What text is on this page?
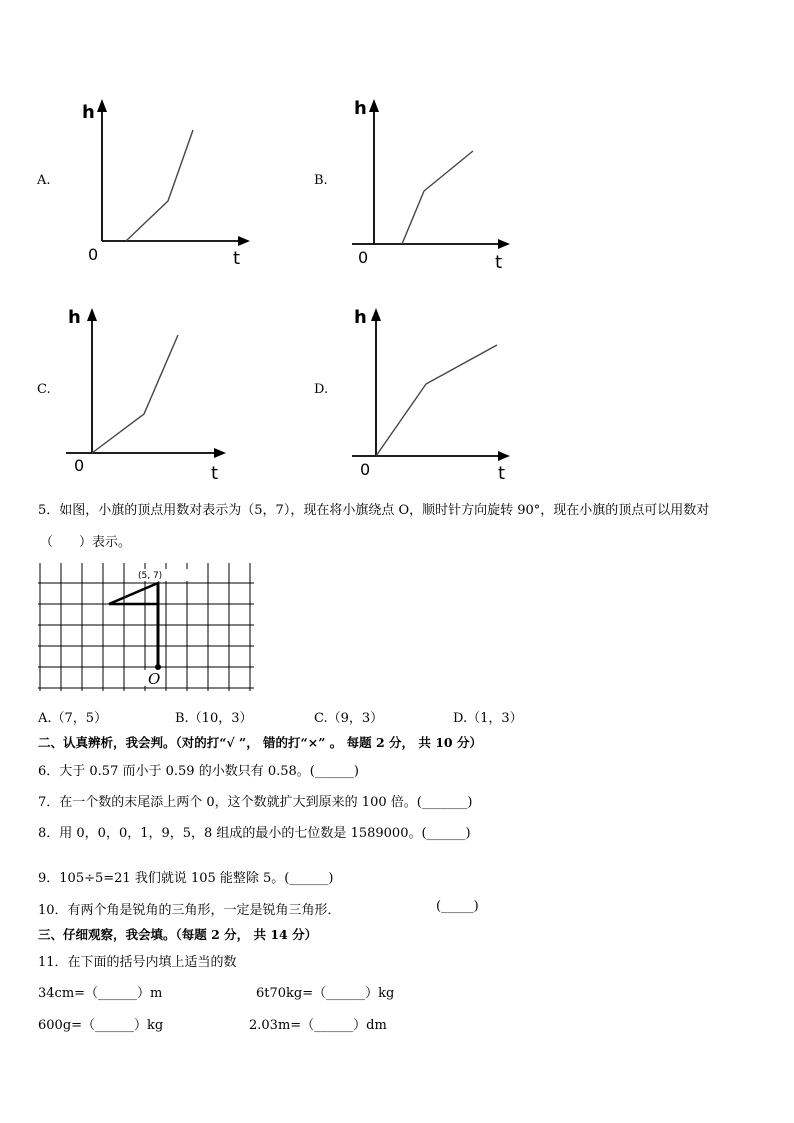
A.
h
t
0
B.
h
t
0
C.
h
t
0
D.
h
t
0
5．如图，小旗的顶点用数对表示为（5，7），现在将小旗绕点 O，顺时针方向旋转 90°，现在小旗的顶点可以用数对
（　　）表示。
(5, 7)
O
A.（7，5）	B.（10，3）	C.（9，3）	D.（1，3）
二、认真辨析，我会判。（对的打“√ ”， 错的打“×” 。 每题 2 分， 共 10 分）
6．大于 0.57 而小于 0.59 的小数只有 0.58。(______)
7．在一个数的末尾添上两个 0，这个数就扩大到原来的 100 倍。(_______)
8．用 0，0，0，1，9，5，8 组成的最小的七位数是 1589000。(______)
9．105÷5=21 我们就说 105 能整除 5。(______)
10．有两个角是锐角的三角形，一定是锐角三角形．	(_____)
三、仔细观察，我会填。（每题 2 分， 共 14 分）
11．在下面的括号内填上适当的数
34cm=（______）m	6t70kg=（______）kg
600g=（______）kg	2.03m=（______）dm
